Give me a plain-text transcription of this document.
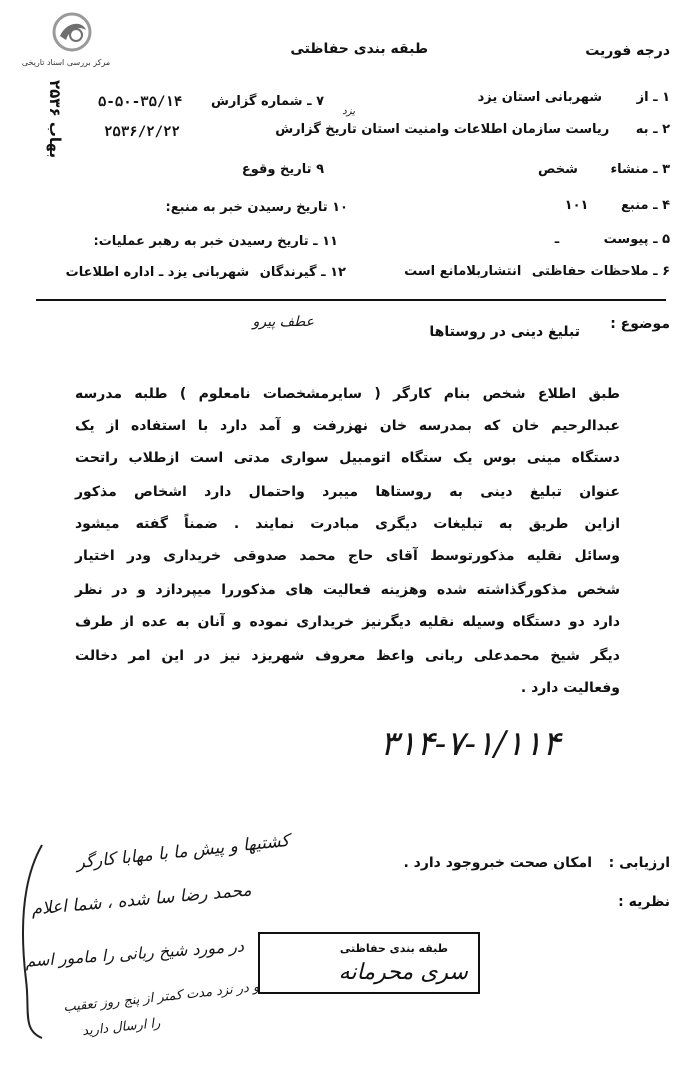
مرکز بررسی اسناد تاریخی
طبقه بندی حفاظتی	درجه فوریت
۱ ـ از شهربانی استان یزد
۲ ـ به ریاست سازمان اطلاعات وامنیت استان تاریخ گزارش
۳ ـ منشاء شخص
۴ ـ منبع ۱۰۱
۵ ـ پیوست ـ
۶ ـ ملاحظات حفاظتی انتشاربلامانع است
۷ ـ شماره گزارش
۵-۵۰-۳۵/۱۴
۲۵۳۶/۲/۲۲
۹ تاریخ وقوع
۱۰ تاریخ رسیدن خبر به منبع:
۱۱ ـ تاریخ رسیدن خبر به رهبر عملیات:
۱۲ ـ گیرندگان شهربانی یزد ـ اداره اطلاعات
یزد
بهاب ۲۵۳۶
موضوع :
عطف پیرو
تبلیغ دینی در روستاها
طبق اطلاع شخص بنام کارگر ( سایرمشخصات نامعلوم ) طلبه مدرسه
عبدالرحیم خان که بمدرسه خان نهزرفت و آمد دارد با استفاده از یک
دستگاه مینی بوس یک ستگاه اتومبیل سواری مدتی است ازطلاب راتحت
عنوان تبلیغ دینی به روستاها میبرد واحتمال دارد اشخاص مذکور
ازاین طریق به تبلیغات دیگری مبادرت نمایند . ضمناً گفته میشود
وسائل نقلیه مذکورتوسط آقای حاج محمد صدوقی خریداری ودر اختیار
شخص مذکورگذاشته شده وهزینه فعالیت های مذکوررا میپردازد و در نظر
دارد دو دستگاه وسیله نقلیه دیگرنیز خریداری نموده و آنان به عده از طرف
دیگر شیخ محمدعلی ربانی واعظ معروف شهریزد نیز در این امر دخالت
وفعالیت دارد .
۳۱۴-۷-۱/۱۱۴
ارزیابی :
امکان صحت خبروجود دارد .
نظریه :
کشتیها و پیش ما با مهابا کارگر
محمد رضا سا شده ، شما اعلام
در مورد شیخ ربانی را مامور اسم
و در نزد مدت کمتر از پنج روز تعقیب
را ارسال دارید
طبقه بندی حفاظتی
سری محرمانه
